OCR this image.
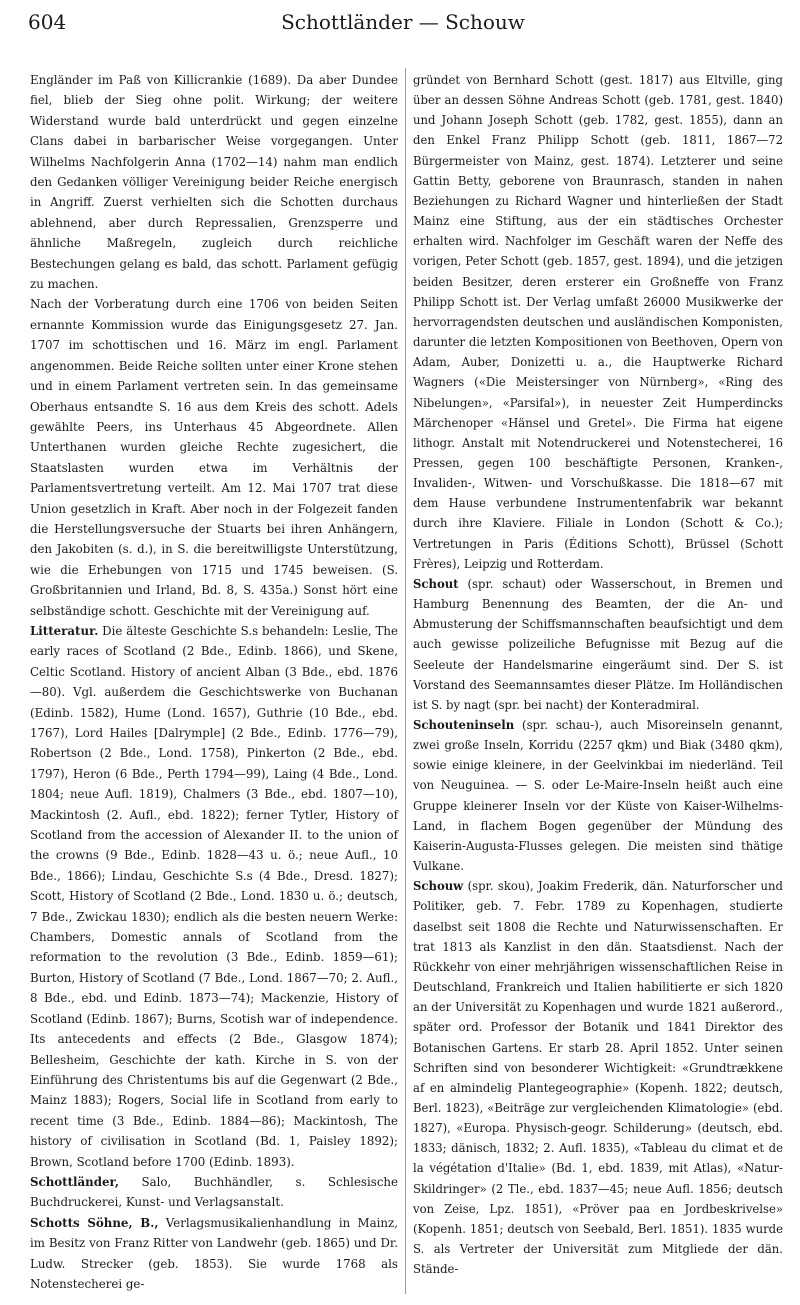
604	Schottländer — Schouw

Engländer im Paß von Killicrankie (1689). Da aber Dundee fiel, blieb der Sieg ohne polit. Wirkung; der weitere Widerstand wurde bald unterdrückt und gegen einzelne Clans dabei in barbarischer Weise vorgegangen. Unter Wilhelms Nachfolgerin Anna (1702—14) nahm man endlich den Gedanken völliger Vereinigung beider Reiche energisch in Angriff. Zuerst verhielten sich die Schotten durchaus ablehnend, aber durch Repressalien, Grenzsperre und ähnliche Maßregeln, zugleich durch reichliche Bestechungen gelang es bald, das schott. Parlament gefügig zu machen.

Nach der Vorberatung durch eine 1706 von beiden Seiten ernannte Kommission wurde das Einigungsgesetz 27. Jan. 1707 im schottischen und 16. März im engl. Parlament angenommen. Beide Reiche sollten unter einer Krone stehen und in einem Parlament vertreten sein. In das gemeinsame Oberhaus entsandte S. 16 aus dem Kreis des schott. Adels gewählte Peers, ins Unterhaus 45 Abgeordnete. Allen Unterthanen wurden gleiche Rechte zugesichert, die Staatslasten wurden etwa im Verhältnis der Parlamentsvertretung verteilt. Am 12. Mai 1707 trat diese Union gesetzlich in Kraft. Aber noch in der Folgezeit fanden die Herstellungsversuche der Stuarts bei ihren Anhängern, den Jakobiten (s. d.), in S. die bereitwilligste Unterstützung, wie die Erhebungen von 1715 und 1745 beweisen. (S. Großbritannien und Irland, Bd. 8, S. 435a.) Sonst hört eine selbständige schott. Geschichte mit der Vereinigung auf.

Litteratur. Die älteste Geschichte S.s behandeln: Leslie, The early races of Scotland (2 Bde., Edinb. 1866), und Skene, Celtic Scotland. History of ancient Alban (3 Bde., ebd. 1876—80). Vgl. außerdem die Geschichtswerke von Buchanan (Edinb. 1582), Hume (Lond. 1657), Guthrie (10 Bde., ebd. 1767), Lord Hailes [Dalrymple] (2 Bde., Edinb. 1776—79), Robertson (2 Bde., Lond. 1758), Pinkerton (2 Bde., ebd. 1797), Heron (6 Bde., Perth 1794—99), Laing (4 Bde., Lond. 1804; neue Aufl. 1819), Chalmers (3 Bde., ebd. 1807—10), Mackintosh (2. Aufl., ebd. 1822); ferner Tytler, History of Scotland from the accession of Alexander II. to the union of the crowns (9 Bde., Edinb. 1828—43 u. ö.; neue Aufl., 10 Bde., 1866); Lindau, Geschichte S.s (4 Bde., Dresd. 1827); Scott, History of Scotland (2 Bde., Lond. 1830 u. ö.; deutsch, 7 Bde., Zwickau 1830); endlich als die besten neuern Werke: Chambers, Domestic annals of Scotland from the reformation to the revolution (3 Bde., Edinb. 1859—61); Burton, History of Scotland (7 Bde., Lond. 1867—70; 2. Aufl., 8 Bde., ebd. und Edinb. 1873—74); Mackenzie, History of Scotland (Edinb. 1867); Burns, Scotish war of independence. Its antecedents and effects (2 Bde., Glasgow 1874); Bellesheim, Geschichte der kath. Kirche in S. von der Einführung des Christentums bis auf die Gegenwart (2 Bde., Mainz 1883); Rogers, Social life in Scotland from early to recent time (3 Bde., Edinb. 1884—86); Mackintosh, The history of civilisation in Scotland (Bd. 1, Paisley 1892); Brown, Scotland before 1700 (Edinb. 1893).

Schottländer, Salo, Buchhändler, s. Schlesische Buchdruckerei, Kunst- und Verlagsanstalt.

Schotts Söhne, B., Verlagsmusikalienhandlung in Mainz, im Besitz von Franz Ritter von Landwehr (geb. 1865) und Dr. Ludw. Strecker (geb. 1853). Sie wurde 1768 als Notenstecherei ge-

gründet von Bernhard Schott (gest. 1817) aus Eltville, ging über an dessen Söhne Andreas Schott (geb. 1781, gest. 1840) und Johann Joseph Schott (geb. 1782, gest. 1855), dann an den Enkel Franz Philipp Schott (geb. 1811, 1867—72 Bürgermeister von Mainz, gest. 1874). Letzterer und seine Gattin Betty, geborene von Braunrasch, standen in nahen Beziehungen zu Richard Wagner und hinterließen der Stadt Mainz eine Stiftung, aus der ein städtisches Orchester erhalten wird. Nachfolger im Geschäft waren der Neffe des vorigen, Peter Schott (geb. 1857, gest. 1894), und die jetzigen beiden Besitzer, deren ersterer ein Großneffe von Franz Philipp Schott ist. Der Verlag umfaßt 26000 Musikwerke der hervorragendsten deutschen und ausländischen Komponisten, darunter die letzten Kompositionen von Beethoven, Opern von Adam, Auber, Donizetti u. a., die Hauptwerke Richard Wagners («Die Meistersinger von Nürnberg», «Ring des Nibelungen», «Parsifal»), in neuester Zeit Humperdincks Märchenoper «Hänsel und Gretel». Die Firma hat eigene lithogr. Anstalt mit Notendruckerei und Notenstecherei, 16 Pressen, gegen 100 beschäftigte Personen, Kranken-, Invaliden-, Witwen- und Vorschußkasse. Die 1818—67 mit dem Hause verbundene Instrumentenfabrik war bekannt durch ihre Klaviere. Filiale in London (Schott & Co.); Vertretungen in Paris (Éditions Schott), Brüssel (Schott Frères), Leipzig und Rotterdam.

Schout (spr. schaut) oder Wasserschout, in Bremen und Hamburg Benennung des Beamten, der die An- und Abmusterung der Schiffsmannschaften beaufsichtigt und dem auch gewisse polizeiliche Befugnisse mit Bezug auf die Seeleute der Handelsmarine eingeräumt sind. Der S. ist Vorstand des Seemannsamtes dieser Plätze. Im Holländischen ist S. by nagt (spr. bei nacht) der Konteradmiral.

Schouteninseln (spr. schau-), auch Misoreinseln genannt, zwei große Inseln, Korridu (2257 qkm) und Biak (3480 qkm), sowie einige kleinere, in der Geelvinkbai im niederländ. Teil von Neuguinea. — S. oder Le-Maire-Inseln heißt auch eine Gruppe kleinerer Inseln vor der Küste von Kaiser-Wilhelms-Land, in flachem Bogen gegenüber der Mündung des Kaiserin-Augusta-Flusses gelegen. Die meisten sind thätige Vulkane.

Schouw (spr. skou), Joakim Frederik, dän. Naturforscher und Politiker, geb. 7. Febr. 1789 zu Kopenhagen, studierte daselbst seit 1808 die Rechte und Naturwissenschaften. Er trat 1813 als Kanzlist in den dän. Staatsdienst. Nach der Rückkehr von einer mehrjährigen wissenschaftlichen Reise in Deutschland, Frankreich und Italien habilitierte er sich 1820 an der Universität zu Kopenhagen und wurde 1821 außerord., später ord. Professor der Botanik und 1841 Direktor des Botanischen Gartens. Er starb 28. April 1852. Unter seinen Schriften sind von besonderer Wichtigkeit: «Grundtrækkene af en almindelig Plantegeographie» (Kopenh. 1822; deutsch, Berl. 1823), «Beiträge zur vergleichenden Klimatologie» (ebd. 1827), «Europa. Physisch-geogr. Schilderung» (deutsch, ebd. 1833; dänisch, 1832; 2. Aufl. 1835), «Tableau du climat et de la végétation d'Italie» (Bd. 1, ebd. 1839, mit Atlas), «Natur-Skildringer» (2 Tle., ebd. 1837—45; neue Aufl. 1856; deutsch von Zeise, Lpz. 1851), «Pröver paa en Jordbeskrivelse» (Kopenh. 1851; deutsch von Seebald, Berl. 1851). 1835 wurde S. als Vertreter der Universität zum Mitgliede der dän. Stände-
